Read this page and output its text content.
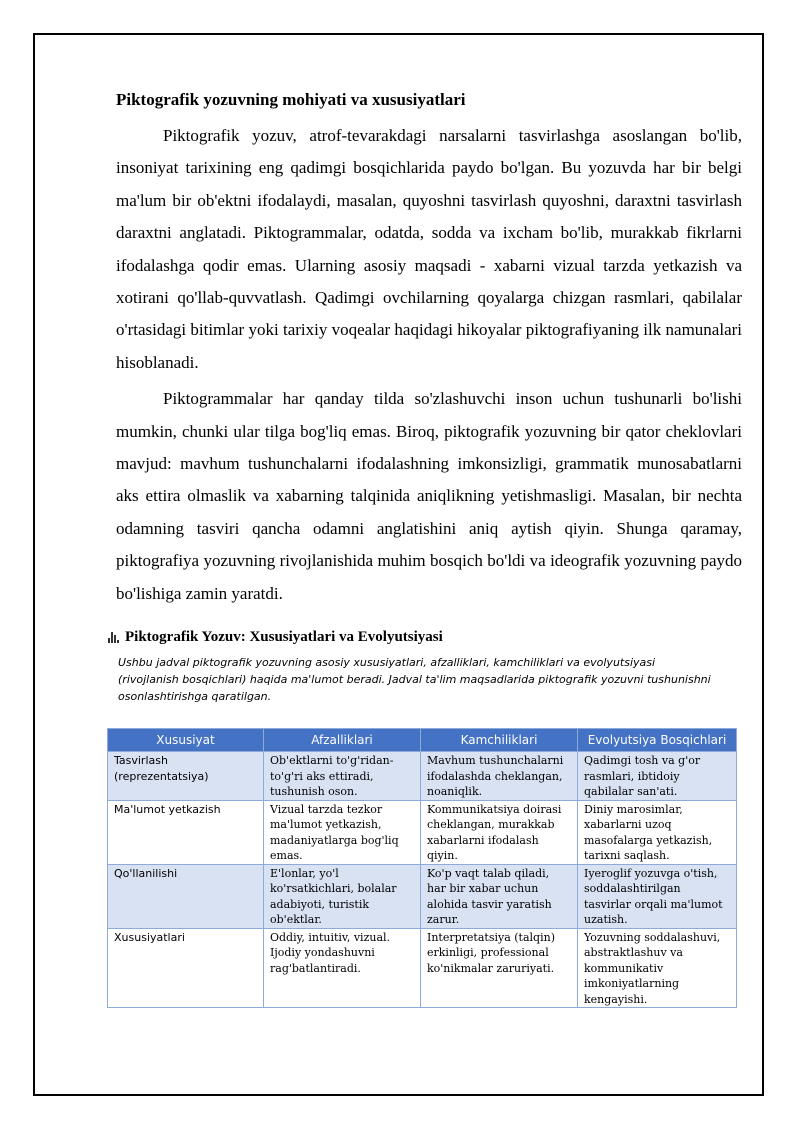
Piktografik yozuvning mohiyati va xususiyatlari

Piktografik yozuv, atrof-tevarakdagi narsalarni tasvirlashga asoslangan bo'lib, insoniyat tarixining eng qadimgi bosqichlarida paydo bo'lgan. Bu yozuvda har bir belgi ma'lum bir ob'ektni ifodalaydi, masalan, quyoshni tasvirlash quyoshni, daraxtni tasvirlash daraxtni anglatadi. Piktogrammalar, odatda, sodda va ixcham bo'lib, murakkab fikrlarni ifodalashga qodir emas. Ularning asosiy maqsadi - xabarni vizual tarzda yetkazish va xotirani qo'llab-quvvatlash. Qadimgi ovchilarning qoyalarga chizgan rasmlari, qabilalar o'rtasidagi bitimlar yoki tarixiy voqealar haqidagi hikoyalar piktografiyaning ilk namunalari hisoblanadi.

Piktogrammalar har qanday tilda so'zlashuvchi inson uchun tushunarli bo'lishi mumkin, chunki ular tilga bog'liq emas. Biroq, piktografik yozuvning bir qator cheklovlari mavjud: mavhum tushunchalarni ifodalashning imkonsizligi, grammatik munosabatlarni aks ettira olmaslik va xabarning talqinida aniqlikning yetishmasligi. Masalan, bir nechta odamning tasviri qancha odamni anglatishini aniq aytish qiyin. Shunga qaramay, piktografiya yozuvning rivojlanishida muhim bosqich bo'ldi va ideografik yozuvning paydo bo'lishiga zamin yaratdi.

Piktografik Yozuv: Xususiyatlari va Evolyutsiyasi
Ushbu jadval piktografik yozuvning asosiy xususiyatlari, afzalliklari, kamchiliklari va evolyutsiyasi (rivojlanish bosqichlari) haqida ma'lumot beradi. Jadval ta'lim maqsadlarida piktografik yozuvni tushunishni osonlashtirishga qaratilgan.
Xususiyat	Afzalliklari	Kamchiliklari	Evolyutsiya Bosqichlari
Tasvirlash (reprezentatsiya)	Ob'ektlarni to'g'ridan-to'g'ri aks ettiradi, tushunish oson.	Mavhum tushunchalarni ifodalashda cheklangan, noaniqlik.	Qadimgi tosh va g'or rasmlari, ibtidoiy qabilalar san'ati.
Ma'lumot yetkazish	Vizual tarzda tezkor ma'lumot yetkazish, madaniyatlarga bog'liq emas.	Kommunikatsiya doirasi cheklangan, murakkab xabarlarni ifodalash qiyin.	Diniy marosimlar, xabarlarni uzoq masofalarga yetkazish, tarixni saqlash.
Qo'llanilishi	E'lonlar, yo'l ko'rsatkichlari, bolalar adabiyoti, turistik ob'ektlar.	Ko'p vaqt talab qiladi, har bir xabar uchun alohida tasvir yaratish zarur.	Iyeroglif yozuvga o'tish, soddalashtirilgan tasvirlar orqali ma'lumot uzatish.
Xususiyatlari	Oddiy, intuitiv, vizual. Ijodiy yondashuvni rag'batlantiradi.	Interpretatsiya (talqin) erkinligi, professional ko'nikmalar zaruriyati.	Yozuvning soddalashuvi, abstraktlashuv va kommunikativ imkoniyatlarning kengayishi.
